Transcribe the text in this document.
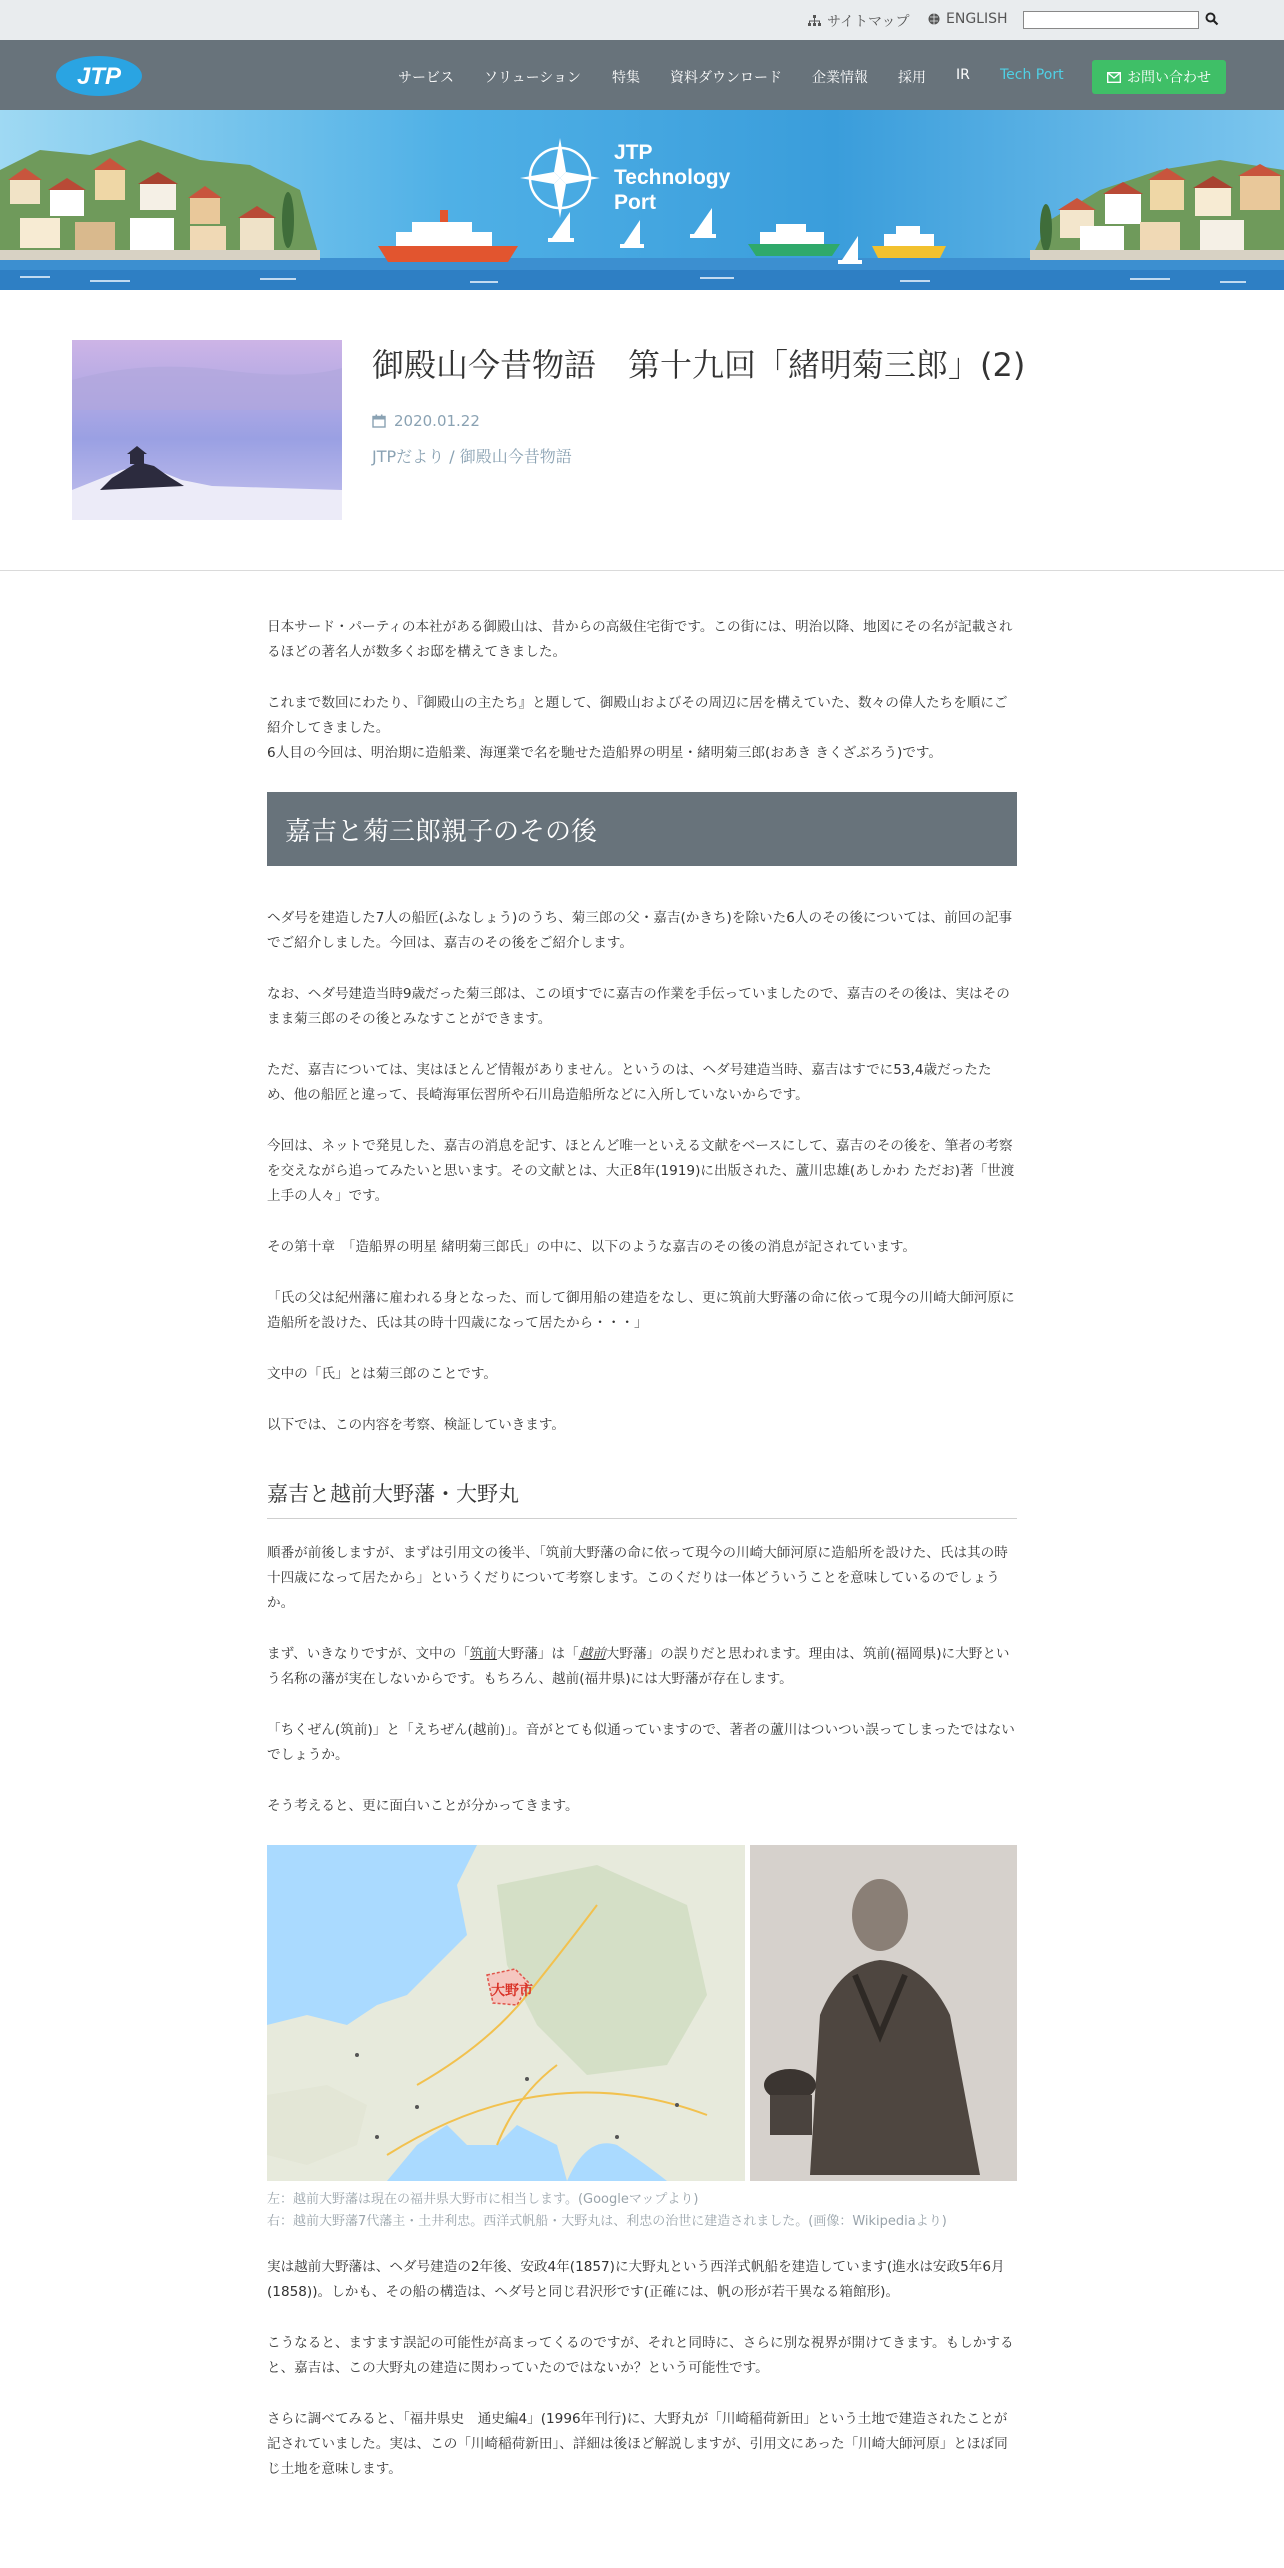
サイトマップ	ENGLISH
JTP	サービス ソリューション 特集 資料ダウンロード 企業情報 採用 IR Tech Port	お問い合わせ
JTP
Technology
Port
御殿山今昔物語　第十九回「緒明菊三郎」(2)
2020.01.22
JTPだより / 御殿山今昔物語

日本サード・パーティの本社がある御殿山は、昔からの高級住宅街です。この街には、明治以降、地図にその名が記載されるほどの著名人が数多くお邸を構えてきました。

これまで数回にわたり、『御殿山の主たち』と題して、御殿山およびその周辺に居を構えていた、数々の偉人たちを順にご紹介してきました。
6人目の今回は、明治期に造船業、海運業で名を馳せた造船界の明星・緒明菊三郎(おあき きくざぶろう)です。

嘉吉と菊三郎親子のその後

ヘダ号を建造した7人の船匠(ふなしょう)のうち、菊三郎の父・嘉吉(かきち)を除いた6人のその後については、前回の記事でご紹介しました。今回は、嘉吉のその後をご紹介します。

なお、ヘダ号建造当時9歳だった菊三郎は、この頃すでに嘉吉の作業を手伝っていましたので、嘉吉のその後は、実はそのまま菊三郎のその後とみなすことができます。

ただ、嘉吉については、実はほとんど情報がありません。というのは、ヘダ号建造当時、嘉吉はすでに53,4歳だったため、他の船匠と違って、長崎海軍伝習所や石川島造船所などに入所していないからです。

今回は、ネットで発見した、嘉吉の消息を記す、ほとんど唯一といえる文献をベースにして、嘉吉のその後を、筆者の考察を交えながら追ってみたいと思います。その文献とは、大正8年(1919)に出版された、蘆川忠雄(あしかわ ただお)著「世渡上手の人々」です。

その第十章　「造船界の明星 緒明菊三郎氏」の中に、以下のような嘉吉のその後の消息が記されています。

「氏の父は紀州藩に雇われる身となった、而して御用船の建造をなし、更に筑前大野藩の命に依って現今の川崎大師河原に造船所を設けた、氏は其の時十四歳になって居たから・・・」

文中の「氏」とは菊三郎のことです。

以下では、この内容を考察、検証していきます。

嘉吉と越前大野藩・大野丸

順番が前後しますが、まずは引用文の後半、「筑前大野藩の命に依って現今の川崎大師河原に造船所を設けた、氏は其の時十四歳になって居たから」というくだりについて考察します。このくだりは一体どういうことを意味しているのでしょうか。

まず、いきなりですが、文中の「筑前大野藩」は「越前大野藩」の誤りだと思われます。理由は、筑前(福岡県)に大野という名称の藩が実在しないからです。もちろん、越前(福井県)には大野藩が存在します。

「ちくぜん(筑前)」と「えちぜん(越前)」。音がとても似通っていますので、著者の蘆川はついつい誤ってしまったではないでしょうか。

そう考えると、更に面白いことが分かってきます。

大野市
左：越前大野藩は現在の福井県大野市に相当します。(Googleマップより)
右：越前大野藩7代藩主・土井利忠。西洋式帆船・大野丸は、利忠の治世に建造されました。(画像：Wikipediaより)

実は越前大野藩は、ヘダ号建造の2年後、安政4年(1857)に大野丸という西洋式帆船を建造しています(進水は安政5年6月(1858))。しかも、その船の構造は、ヘダ号と同じ君沢形です(正確には、帆の形が若干異なる箱館形)。

こうなると、ますます誤記の可能性が高まってくるのですが、それと同時に、さらに別な視界が開けてきます。もしかすると、嘉吉は、この大野丸の建造に関わっていたのではないか？という可能性です。

さらに調べてみると、「福井県史　通史編4」(1996年刊行)に、大野丸が「川崎稲荷新田」という土地で建造されたことが記されていました。実は、この「川崎稲荷新田」、詳細は後ほど解説しますが、引用文にあった「川崎大師河原」とほぼ同じ土地を意味します。
